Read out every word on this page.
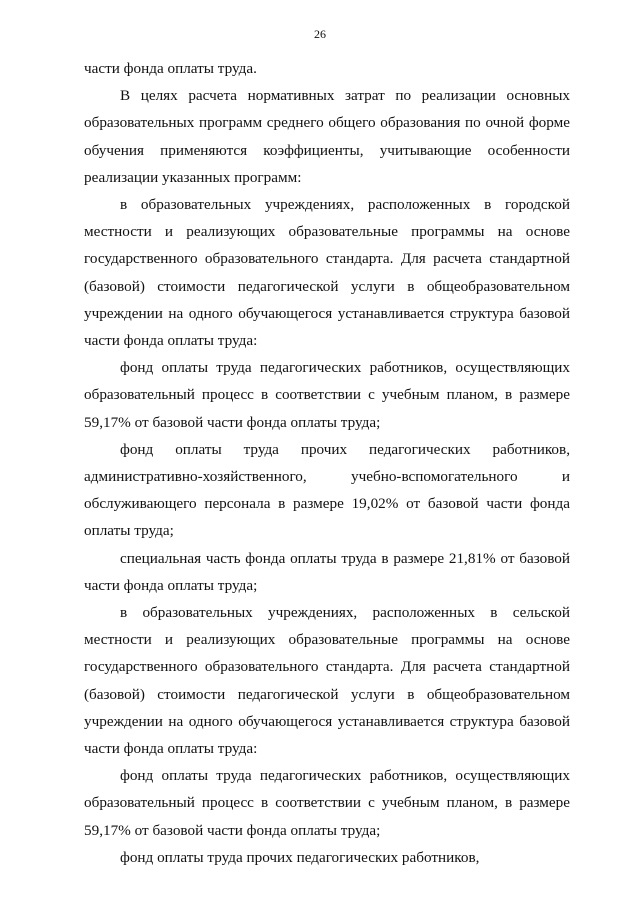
26

части фонда оплаты труда.

В целях расчета нормативных затрат по реализации основных образовательных программ среднего общего образования по очной форме обучения применяются коэффициенты, учитывающие особенности реализации указанных программ:

в образовательных учреждениях, расположенных в городской местности и реализующих образовательные программы на основе государственного образовательного стандарта. Для расчета стандартной (базовой) стоимости педагогической услуги в общеобразовательном учреждении на одного обучающегося устанавливается структура базовой части фонда оплаты труда:

фонд оплаты труда педагогических работников, осуществляющих образовательный процесс в соответствии с учебным планом, в размере 59,17% от базовой части фонда оплаты труда;

фонд оплаты труда прочих педагогических работников, административно-хозяйственного, учебно-вспомогательного и обслуживающего персонала в размере 19,02% от базовой части фонда оплаты труда;

специальная часть фонда оплаты труда в размере 21,81% от базовой части фонда оплаты труда;

в образовательных учреждениях, расположенных в сельской местности и реализующих образовательные программы на основе государственного образовательного стандарта. Для расчета стандартной (базовой) стоимости педагогической услуги в общеобразовательном учреждении на одного обучающегося устанавливается структура базовой части фонда оплаты труда:

фонд оплаты труда педагогических работников, осуществляющих образовательный процесс в соответствии с учебным планом, в размере 59,17% от базовой части фонда оплаты труда;

фонд оплаты труда прочих педагогических работников,
